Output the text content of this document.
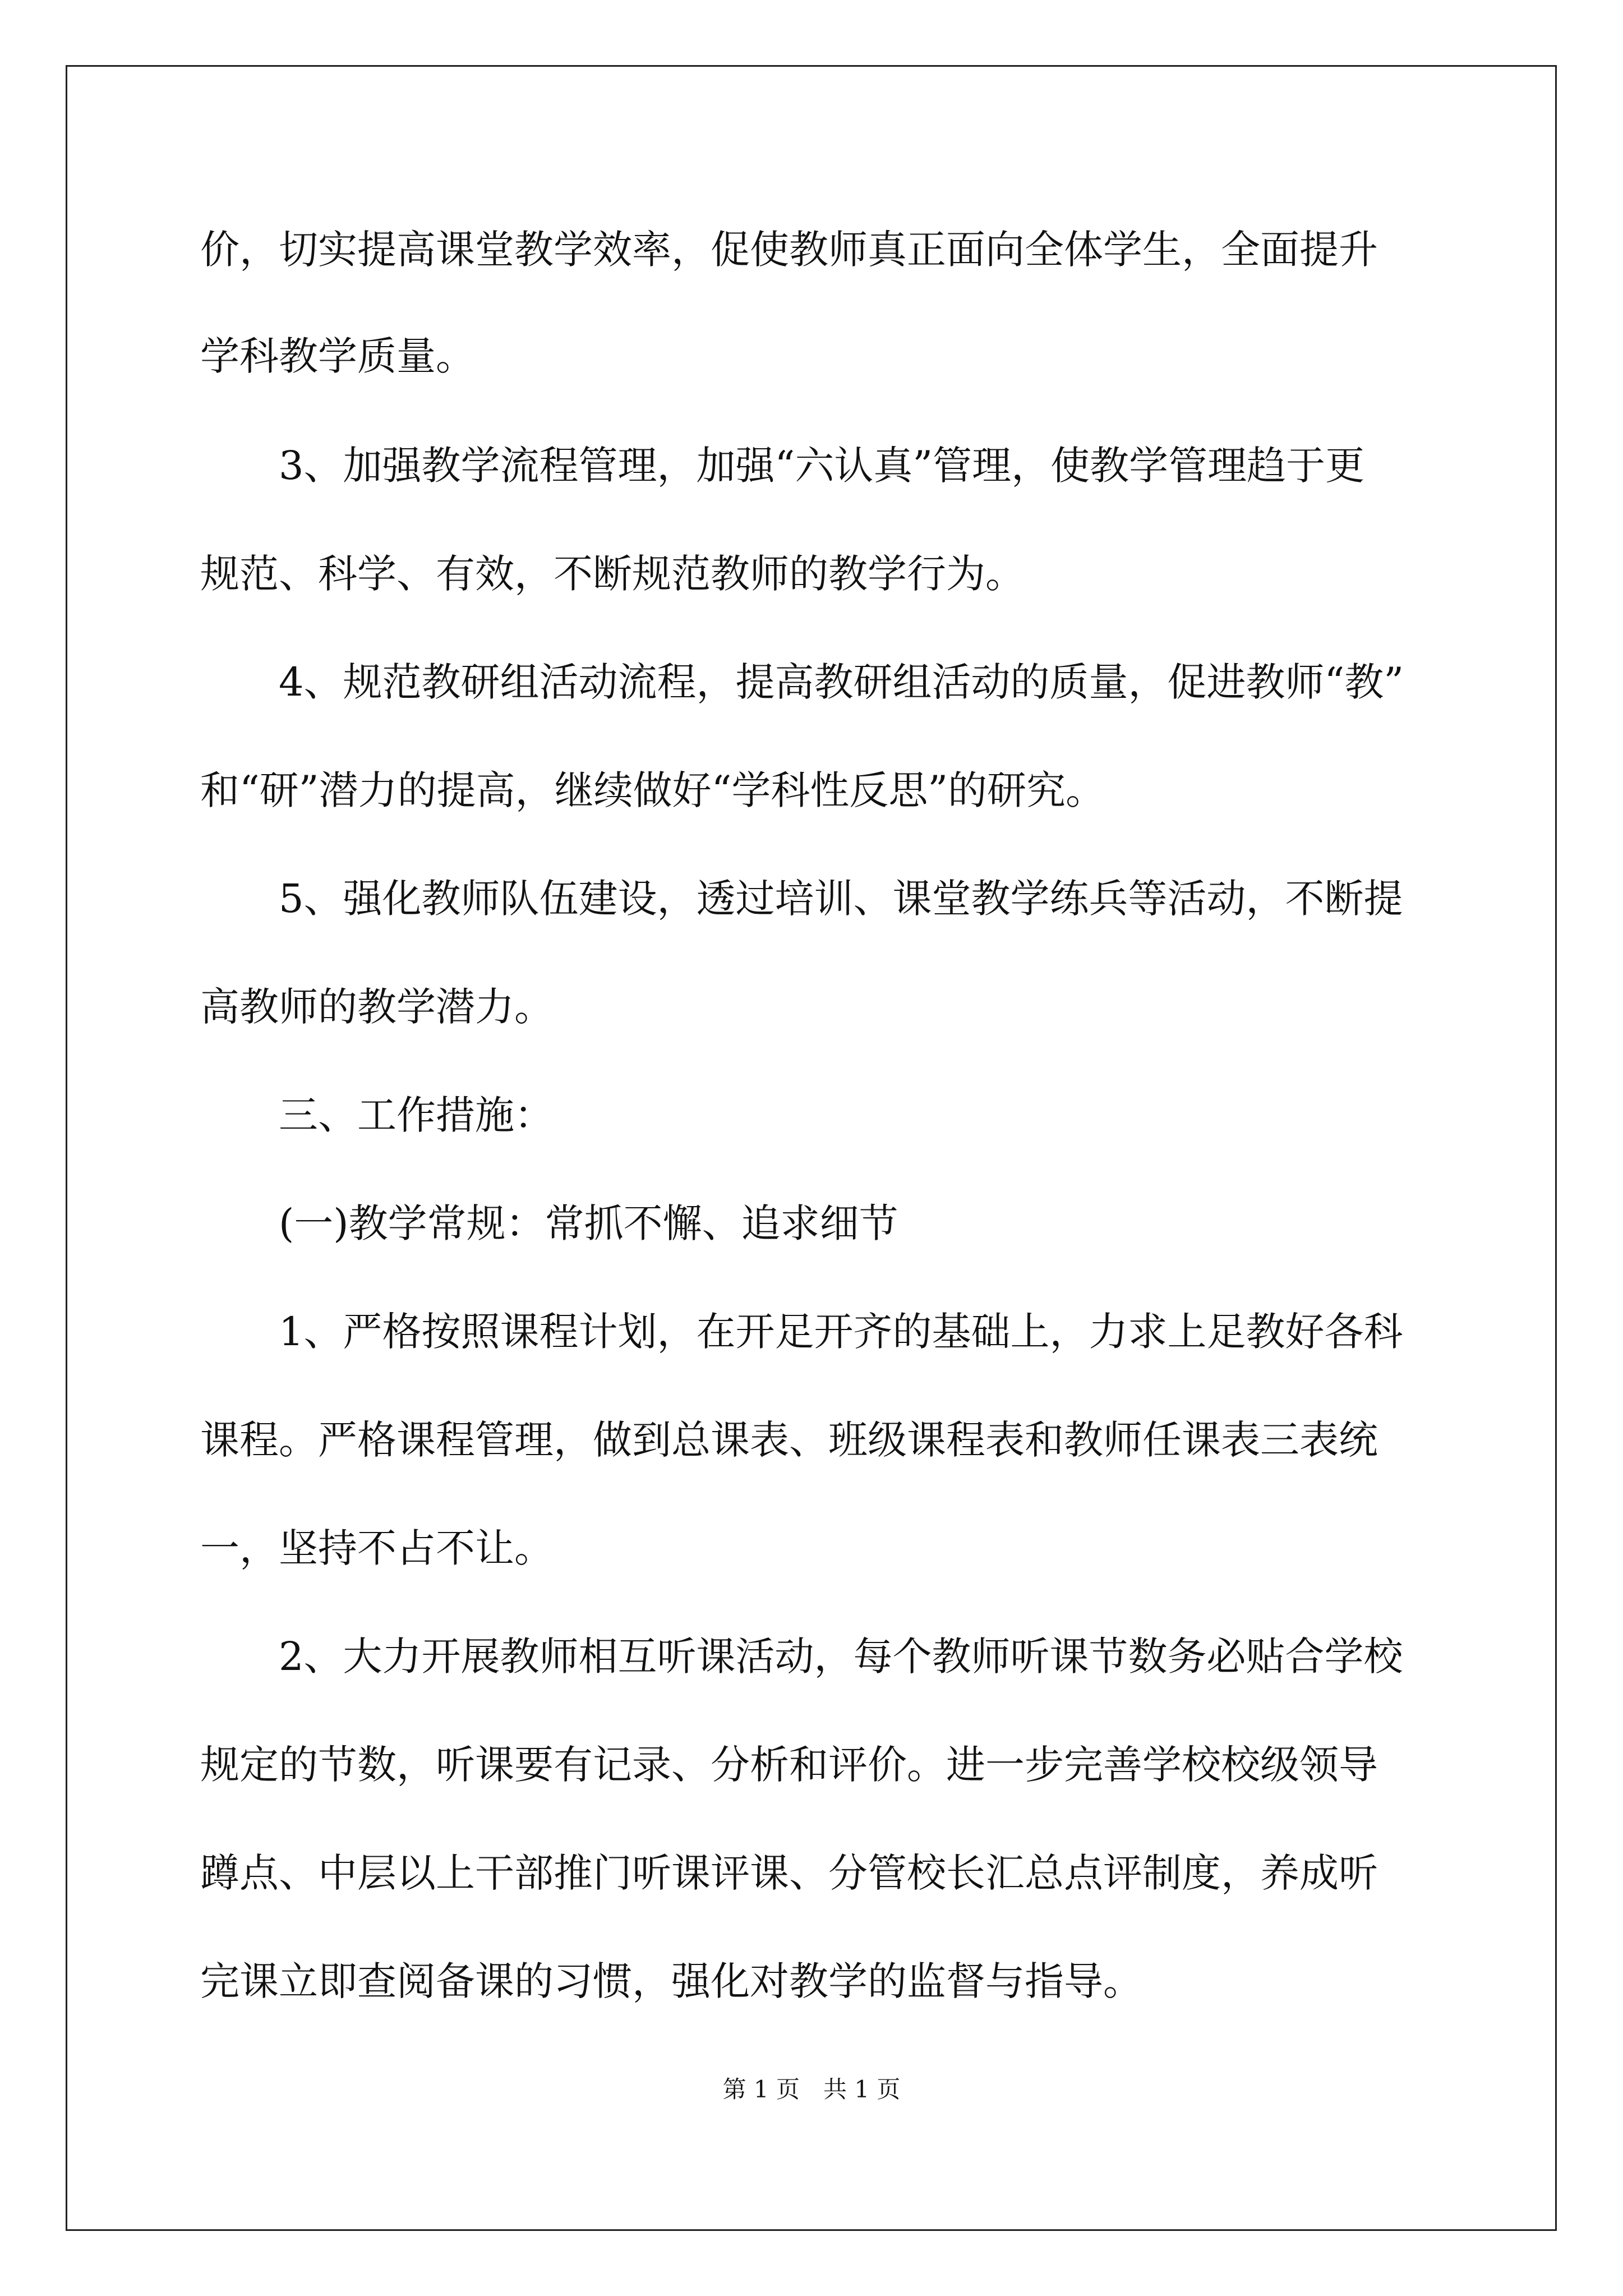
价，切实提高课堂教学效率，促使教师真正面向全体学生，全面提升
学科教学质量。
　　3、加强教学流程管理，加强“六认真”管理，使教学管理趋于更
规范、科学、有效，不断规范教师的教学行为。
　　4、规范教研组活动流程，提高教研组活动的质量，促进教师“教”
和“研”潜力的提高，继续做好“学科性反思”的研究。
　　5、强化教师队伍建设，透过培训、课堂教学练兵等活动，不断提
高教师的教学潜力。
　　三、工作措施：
　　(一)教学常规：常抓不懈、追求细节
　　1、严格按照课程计划，在开足开齐的基础上，力求上足教好各科
课程。严格课程管理，做到总课表、班级课程表和教师任课表三表统
一，坚持不占不让。
　　2、大力开展教师相互听课活动，每个教师听课节数务必贴合学校
规定的节数，听课要有记录、分析和评价。进一步完善学校校级领导
蹲点、中层以上干部推门听课评课、分管校长汇总点评制度，养成听
完课立即查阅备课的习惯，强化对教学的监督与指导。
第 1 页　共 1 页
